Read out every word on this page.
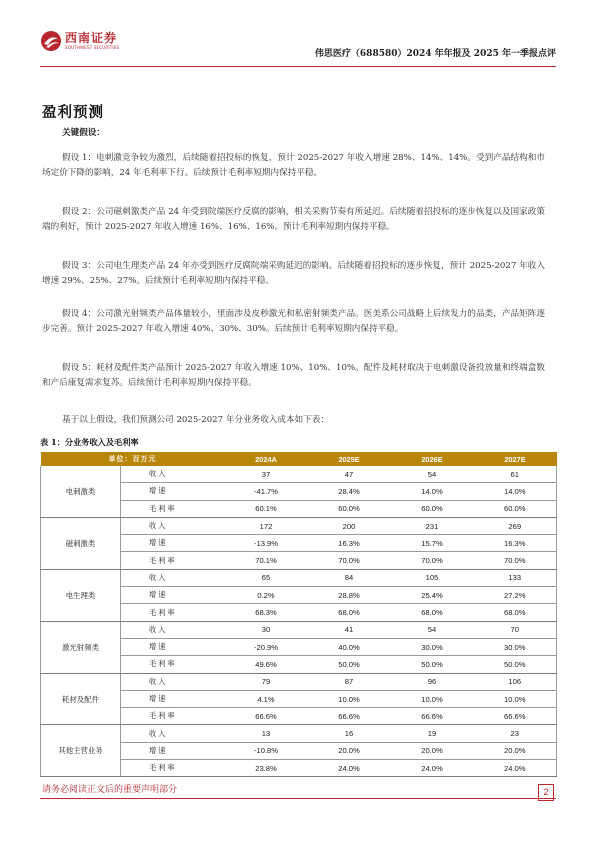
西南证券
SOUTHWEST SECURITIES
伟思医疗（688580）2024 年年报及 2025 年一季报点评
盈利预测
关键假设：
假设 1：电刺激竞争较为激烈，后续随着招投标的恢复，预计 2025-2027 年收入增速 28%、14%、14%。受到产品结构和市场定价下降的影响，24 年毛利率下行。后续预计毛利率短期内保持平稳。
假设 2：公司磁刺激类产品 24 年受到院端医疗反腐的影响，相关采购节奏有所延迟。后续随着招投标的逐步恢复以及国家政策端的利好，预计 2025-2027 年收入增速 16%、16%、16%。预计毛利率短期内保持平稳。
假设 3：公司电生理类产品 24 年亦受到医疗反腐院端采购延迟的影响。后续随着招投标的逐步恢复，预计 2025-2027 年收入增速 29%、25%、27%。后续预计毛利率短期内保持平稳。
假设 4：公司激光射频类产品体量较小，里面涉及皮秒激光和私密射频类产品。医美系公司战略上后续发力的品类，产品矩阵逐步完善。预计 2025-2027 年收入增速 40%、30%、30%。后续预计毛利率短期内保持平稳。
假设 5：耗材及配件类产品预计 2025-2027 年收入增速 10%、10%、10%。配件及耗材取决于电刺激设备投放量和终端盒数和产后康复需求复苏。后续预计毛利率短期内保持平稳。
基于以上假设，我们预测公司 2025-2027 年分业务收入成本如下表：
表 1：分业务收入及毛利率
单位：百万元		2024A	2025E	2026E	2027E
电刺激类	收入	37	47	54	61
	增速	-41.7%	28.4%	14.0%	14.0%
	毛利率	60.1%	60.0%	60.0%	60.0%
磁刺激类	收入	172	200	231	269
	增速	-13.9%	16.3%	15.7%	16.3%
	毛利率	70.1%	70.0%	70.0%	70.0%
电生理类	收入	65	84	105	133
	增速	0.2%	28.8%	25.4%	27.2%
	毛利率	68.3%	68.0%	68.0%	68.0%
激光射频类	收入	30	41	54	70
	增速	-20.9%	40.0%	30.0%	30.0%
	毛利率	49.6%	50.0%	50.0%	50.0%
耗材及配件	收入	79	87	96	106
	增速	4.1%	10.0%	10.0%	10.0%
	毛利率	66.6%	66.6%	66.6%	66.6%
其他主营业务	收入	13	16	19	23
	增速	-10.8%	20.0%	20.0%	20.0%
	毛利率	23.8%	24.0%	24.0%	24.0%
请务必阅读正文后的重要声明部分	2
